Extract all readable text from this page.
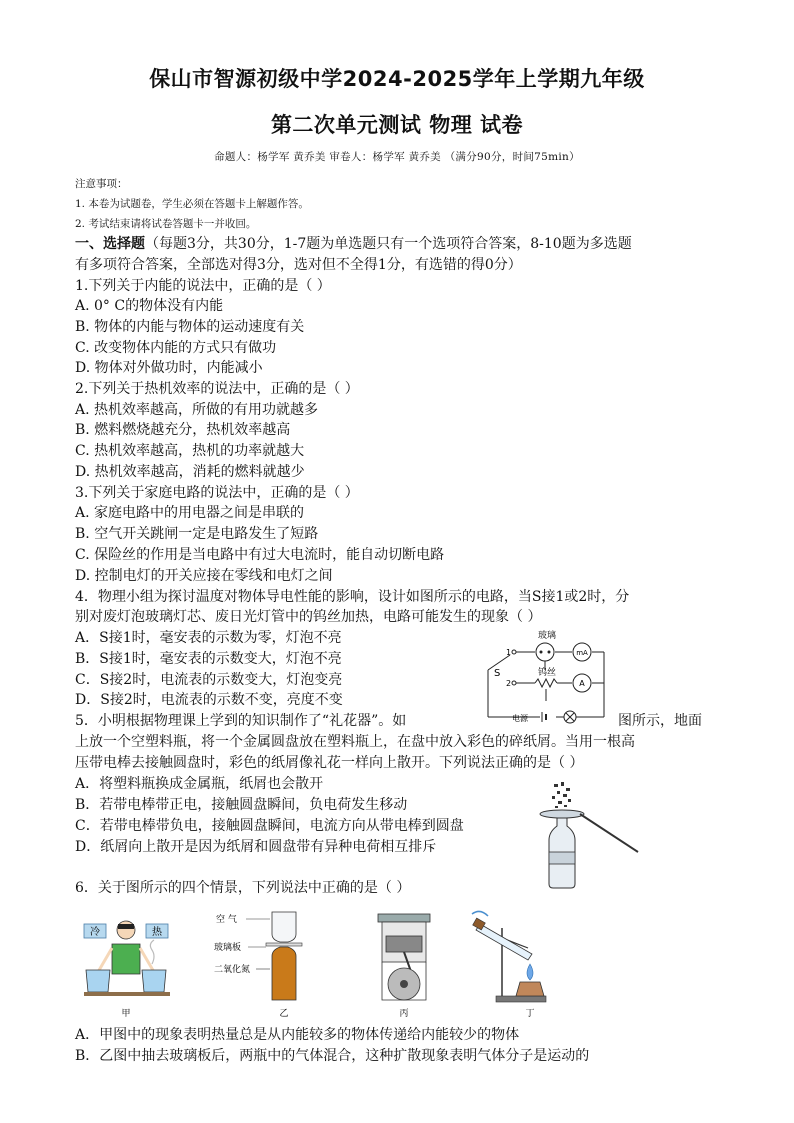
保山市智源初级中学2024-2025学年上学期九年级
第二次单元测试 物理 试卷
命题人：杨学军 黄乔美 审卷人：杨学军 黄乔美 （满分90分，时间75min）
注意事项：
1. 本卷为试题卷，学生必须在答题卡上解题作答。
2. 考试结束请将试卷答题卡一并收回。
一、选择题（每题3分，共30分，1-7题为单选题只有一个选项符合答案，8-10题为多选题
有多项符合答案，全部选对得3分，选对但不全得1分，有选错的得0分）
1.下列关于内能的说法中，正确的是（ ）
A. 0° C的物体没有内能
B. 物体的内能与物体的运动速度有关
C. 改变物体内能的方式只有做功
D. 物体对外做功时，内能减小
2.下列关于热机效率的说法中，正确的是（ ）
A. 热机效率越高，所做的有用功就越多
B. 燃料燃烧越充分，热机效率越高
C. 热机效率越高，热机的功率就越大
D. 热机效率越高，消耗的燃料就越少
3.下列关于家庭电路的说法中，正确的是（ ）
A. 家庭电路中的用电器之间是串联的
B. 空气开关跳闸一定是电路发生了短路
C. 保险丝的作用是当电路中有过大电流时，能自动切断电路
D. 控制电灯的开关应接在零线和电灯之间
4．物理小组为探讨温度对物体导电性能的影响，设计如图所示的电路，当S接1或2时，分
别对废灯泡玻璃灯芯、废日光灯管中的钨丝加热，电路可能发生的现象（ ）
A．S接1时，毫安表的示数为零，灯泡不亮
B．S接1时，毫安表的示数变大，灯泡不亮
C．S接2时，电流表的示数变大，灯泡变亮
D．S接2时，电流表的示数不变，亮度不变
玻璃
钨丝
电源
S
1
2
mA
A
5．小明根据物理课上学到的知识制作了“礼花器”。如	图所示，地面
上放一个空塑料瓶，将一个金属圆盘放在塑料瓶上，在盘中放入彩色的碎纸屑。当用一根高
压带电棒去接触圆盘时，彩色的纸屑像礼花一样向上散开。下列说法正确的是（ ）
A．将塑料瓶换成金属瓶，纸屑也会散开
B．若带电棒带正电，接触圆盘瞬间，负电荷发生移动
C．若带电棒带负电，接触圆盘瞬间，电流方向从带电棒到圆盘
D．纸屑向上散开是因为纸屑和圆盘带有异种电荷相互排斥
6．关于图所示的四个情景，下列说法中正确的是（ ）
冷	热
甲
空 气
玻璃板
二氧化氮
乙	丙	丁
A．甲图中的现象表明热量总是从内能较多的物体传递给内能较少的物体
B．乙图中抽去玻璃板后，两瓶中的气体混合，这种扩散现象表明气体分子是运动的
